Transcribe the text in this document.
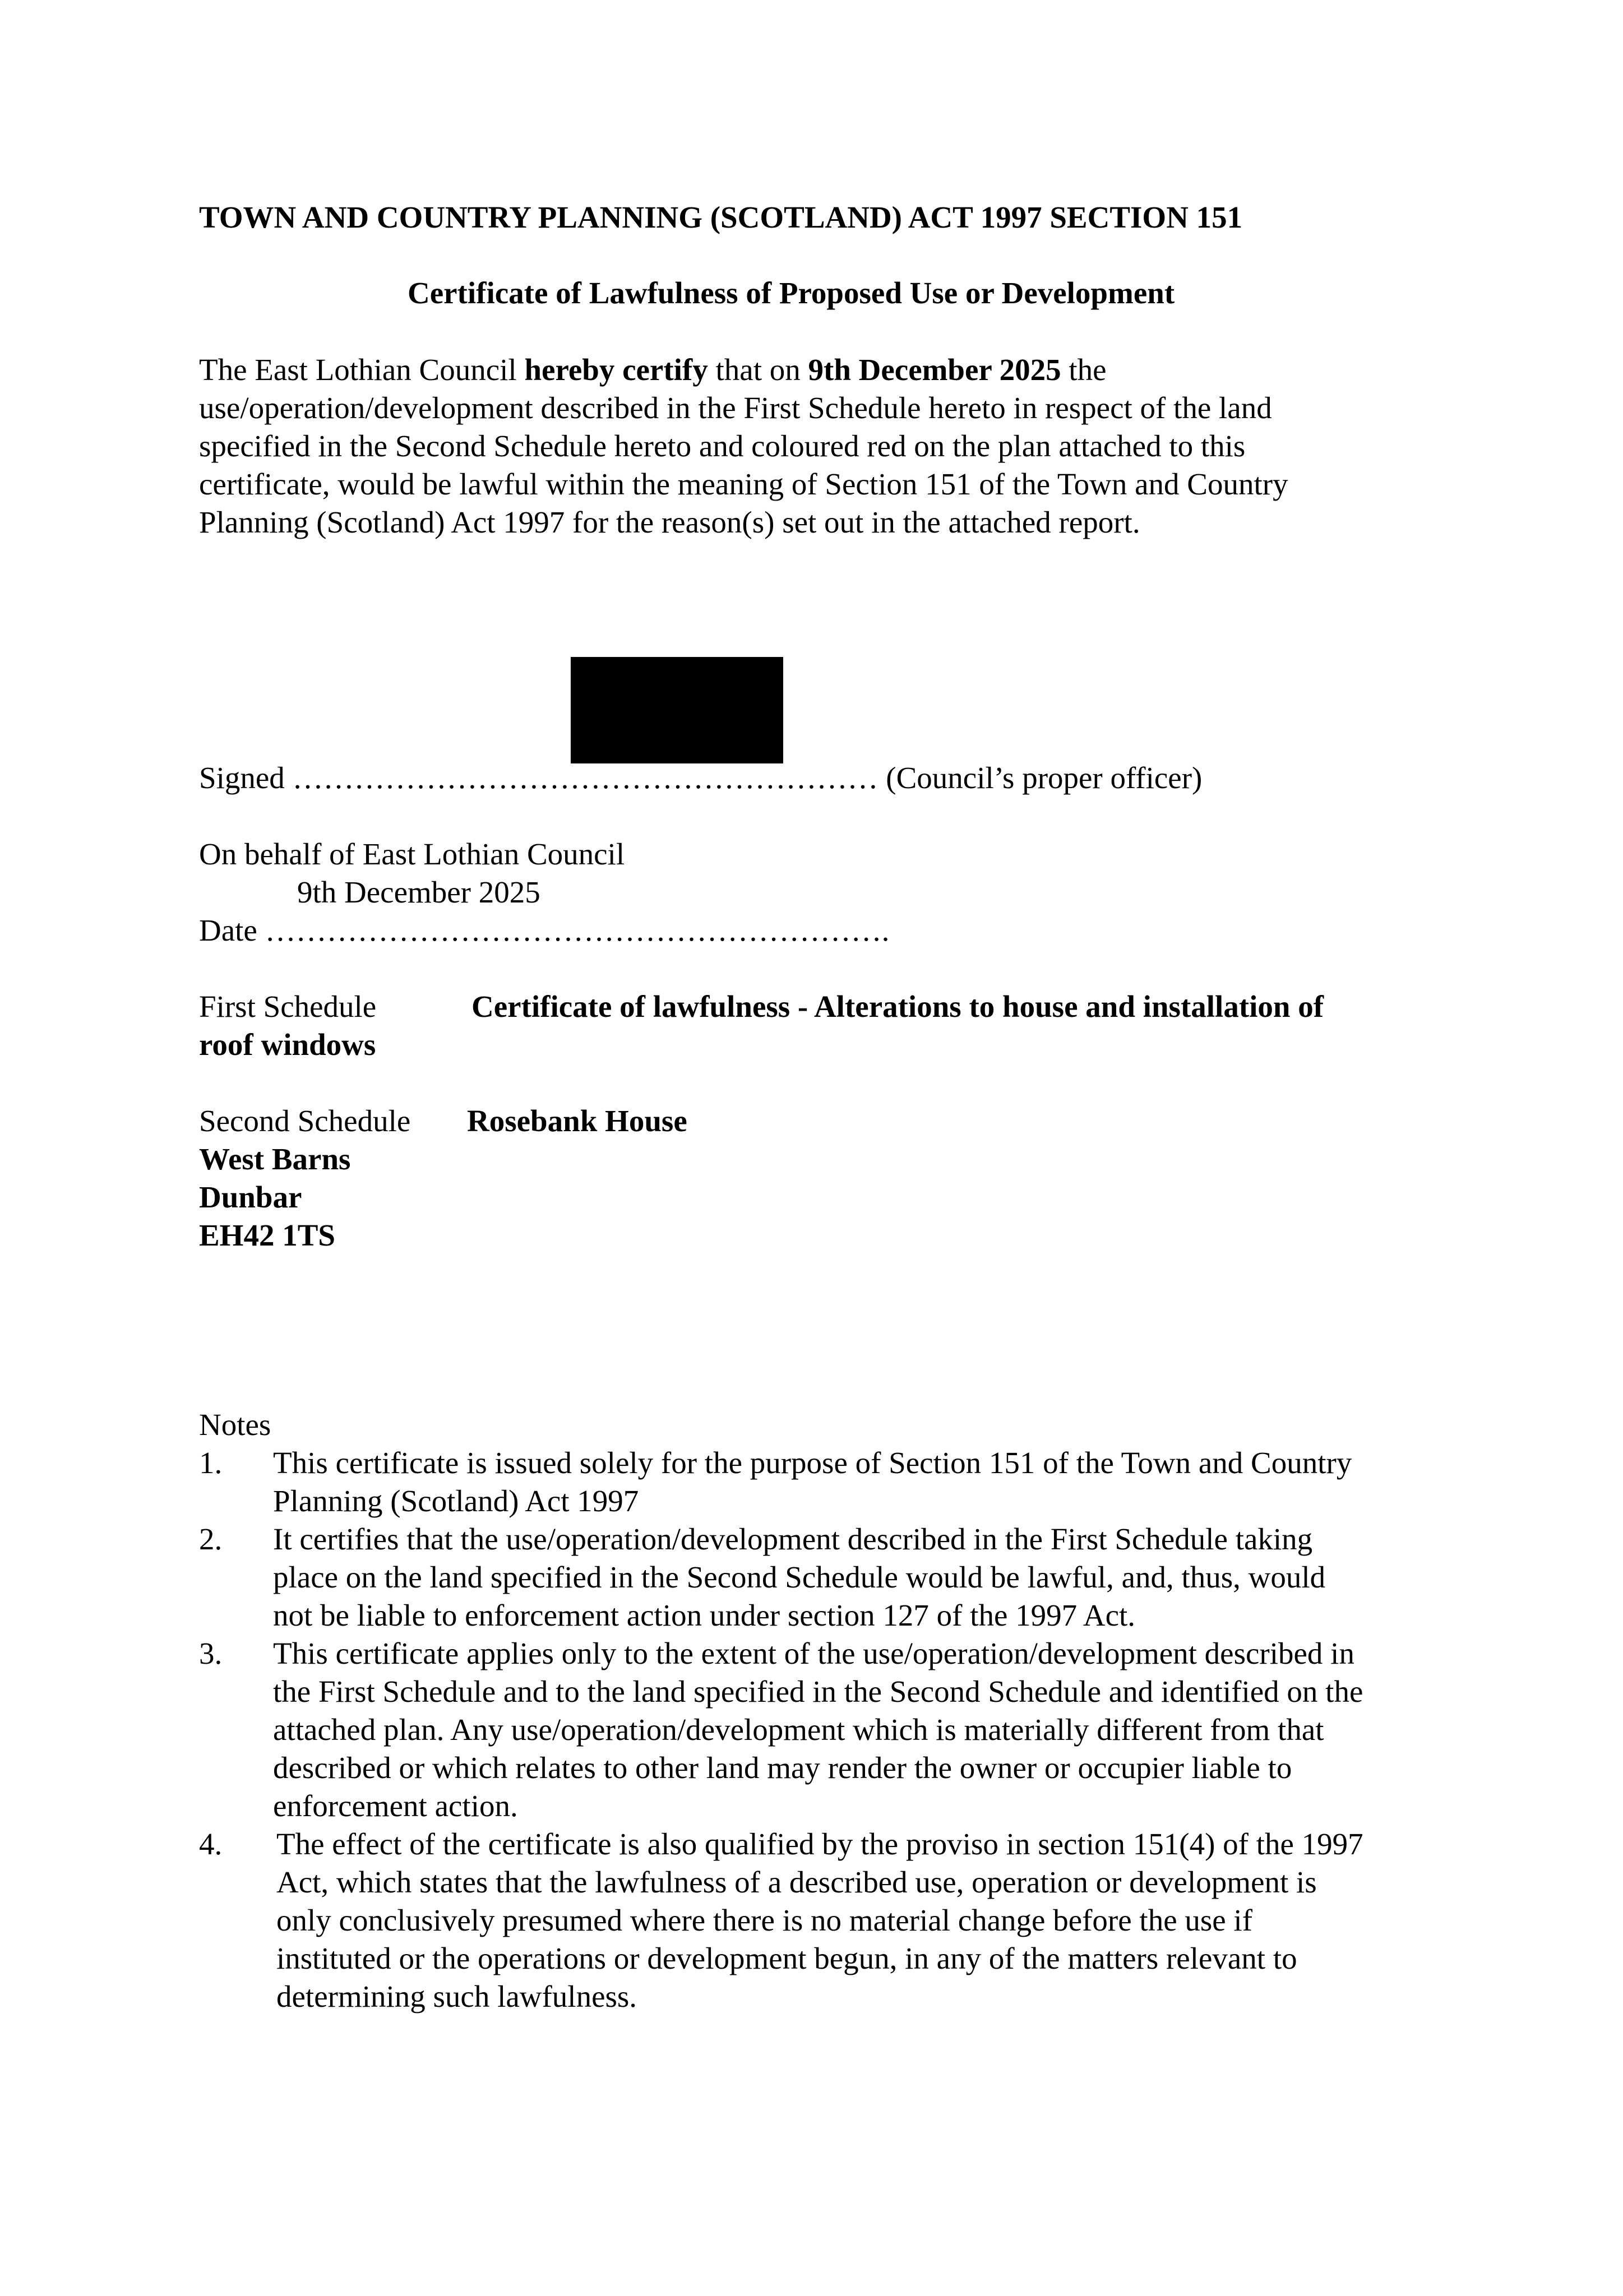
TOWN AND COUNTRY PLANNING (SCOTLAND) ACT 1997 SECTION 151
Certificate of Lawfulness of Proposed Use or Development
The East Lothian Council hereby certify that on 9th December 2025 the
use/operation/development described in the First Schedule hereto in respect of the land
specified in the Second Schedule hereto and coloured red on the plan attached to this
certificate, would be lawful within the meaning of Section 151 of the Town and Country
Planning (Scotland) Act 1997 for the reason(s) set out in the attached report.
Signed ………………………………………………… (Council’s proper officer)
On behalf of East Lothian Council
9th December 2025
Date …………………………………………………….
First Schedule	Certificate of lawfulness - Alterations to house and installation of
roof windows
Second Schedule Rosebank House
West Barns
Dunbar
EH42 1TS
Notes
1. This certificate is issued solely for the purpose of Section 151 of the Town and Country
Planning (Scotland) Act 1997
2. It certifies that the use/operation/development described in the First Schedule taking
place on the land specified in the Second Schedule would be lawful, and, thus, would
not be liable to enforcement action under section 127 of the 1997 Act.
3. This certificate applies only to the extent of the use/operation/development described in
the First Schedule and to the land specified in the Second Schedule and identified on the
attached plan. Any use/operation/development which is materially different from that
described or which relates to other land may render the owner or occupier liable to
enforcement action.
4. The effect of the certificate is also qualified by the proviso in section 151(4) of the 1997
Act, which states that the lawfulness of a described use, operation or development is
only conclusively presumed where there is no material change before the use if
instituted or the operations or development begun, in any of the matters relevant to
determining such lawfulness.
